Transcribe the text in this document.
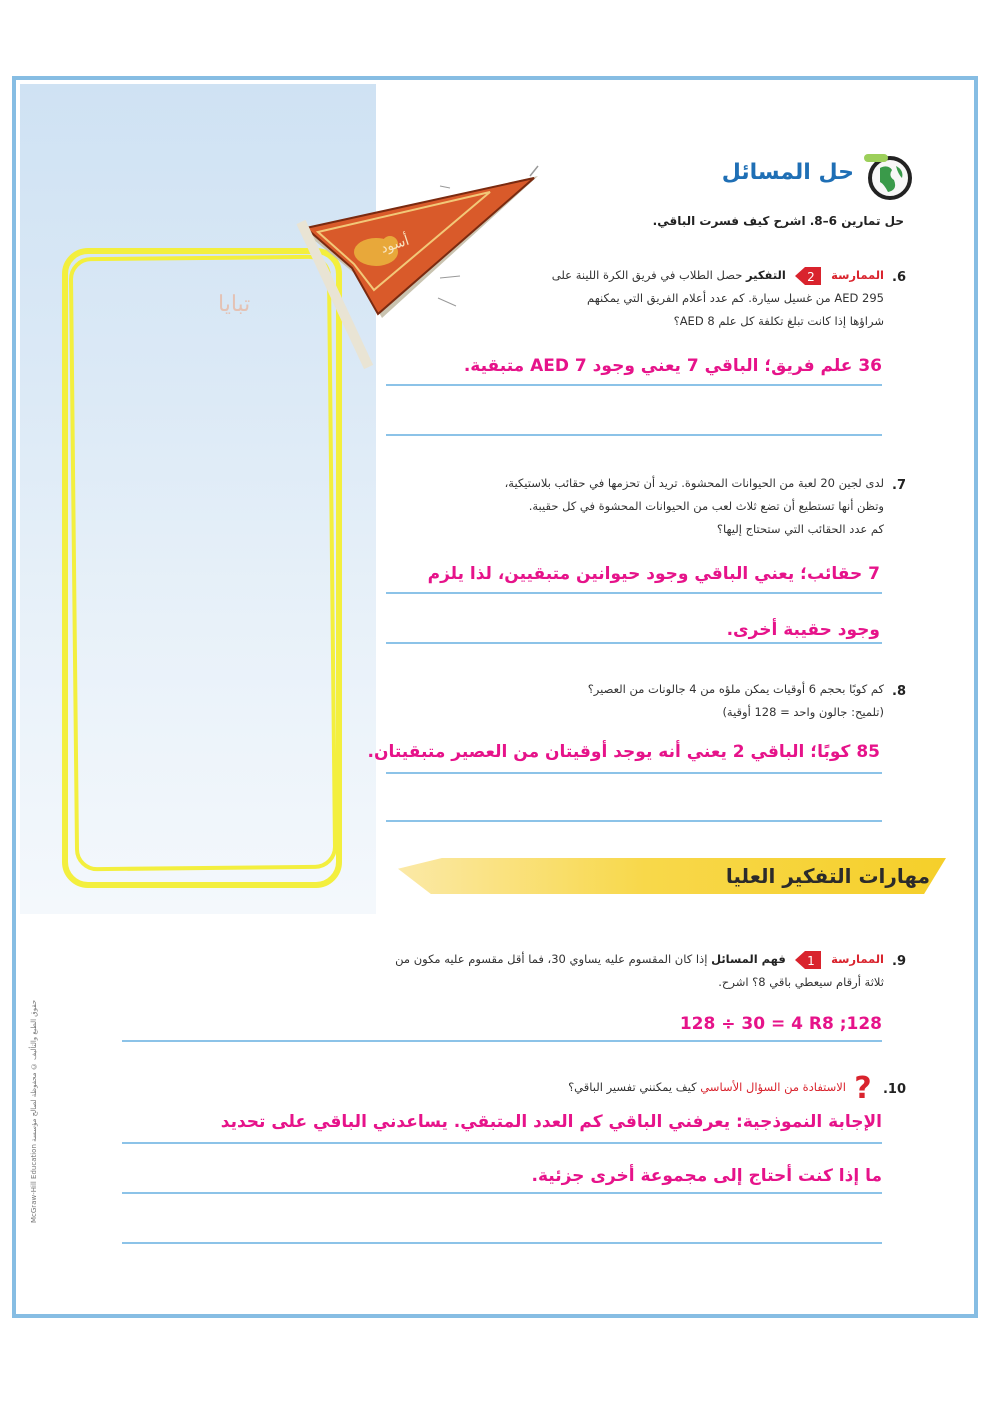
تبايا
أسود
حل المسائل
حل تمارين 6–8. اشرح كيف فسرت الباقي.
6.
الممارسة
2
التفكير حصل الطلاب في فريق الكرة اللينة على
295 AED من غسيل سيارة. كم عدد أعلام الفريق التي يمكنهم
شراؤها إذا كانت تبلغ تكلفة كل علم 8 AED؟
36 علم فريق؛ الباقي 7 يعني وجود 7 AED متبقية.
7.
لدى لجين 20 لعبة من الحيوانات المحشوة. تريد أن تحزمها في حقائب بلاستيكية،
وتظن أنها تستطيع أن تضع ثلاث لعب من الحيوانات المحشوة في كل حقيبة.
كم عدد الحقائب التي ستحتاج إليها؟
7 حقائب؛ يعني الباقي وجود حيوانين متبقيين، لذا يلزم
وجود حقيبة أخرى.
8.
كم كوبًا بحجم 6 أوقيات يمكن ملؤه من 4 جالونات من العصير؟
(تلميح: جالون واحد = 128 أوقية)
85 كوبًا؛ الباقي 2 يعني أنه يوجد أوقيتان من العصير متبقيتان.
مهارات التفكير العليا
9.
الممارسة
1
فهم المسائل إذا كان المقسوم عليه يساوي 30، فما أقل مقسوم عليه مكون من
ثلاثة أرقام سيعطي باقي 8؟ اشرح.
128 ÷ 30 = 4 R8 ;128
10.
?
الاستفادة من السؤال الأساسي كيف يمكنني تفسير الباقي؟
الإجابة النموذجية: يعرفني الباقي كم العدد المتبقي. يساعدني الباقي على تحديد
ما إذا كنت أحتاج إلى مجموعة أخرى جزئية.
حقوق الطبع والتأليف © محفوظة لصالح مؤسسة McGraw-Hill Education
